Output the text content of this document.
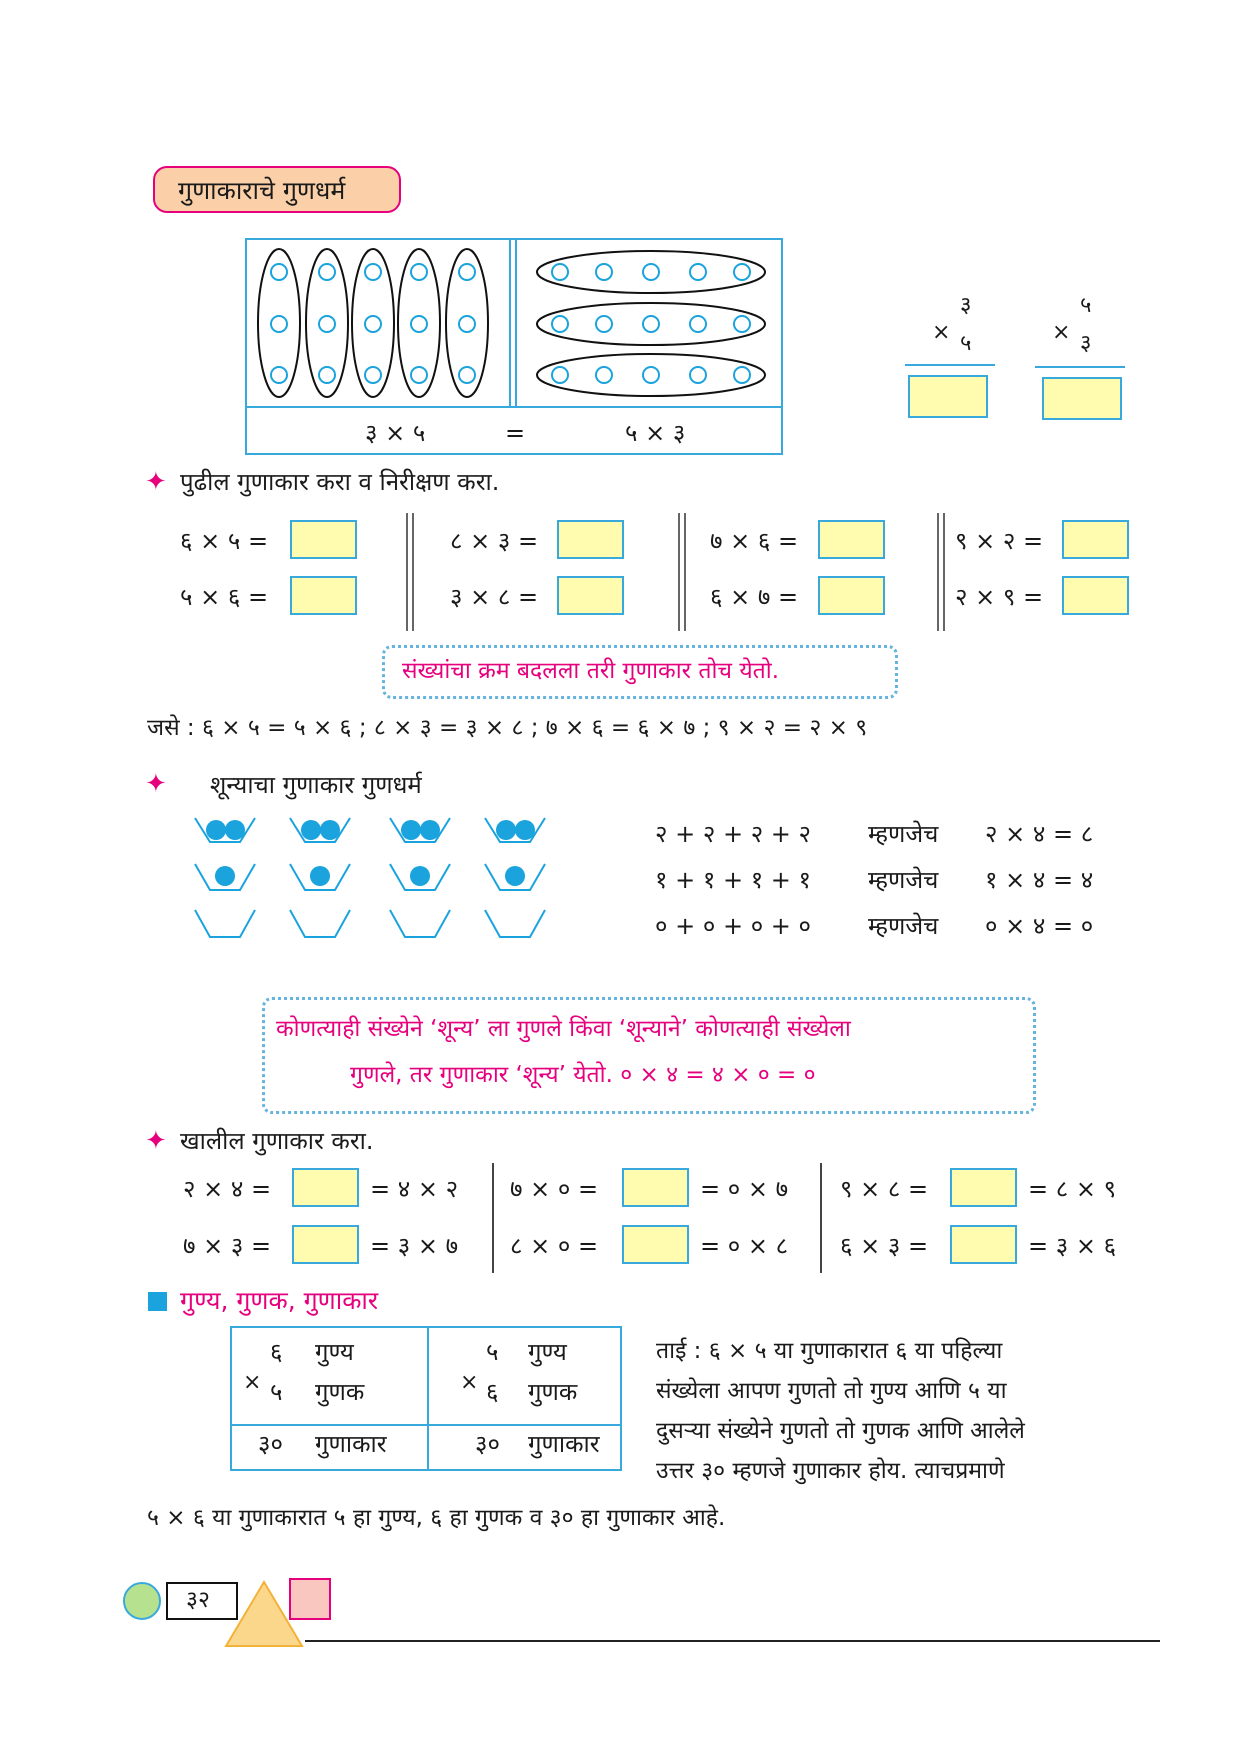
गुणाकाराचे गुणधर्म
३ × ५	=	५ × ३
३
× ५
५
× ३
✦ पुढील गुणाकार करा व निरीक्षण करा.
६ × ५ =
५ × ६ =
८ × ३ =
३ × ८ =
७ × ६ =
६ × ७ =
९ × २ =
२ × ९ =
संख्यांचा क्रम बदलला तरी गुणाकार तोच येतो.
जसे : ६ × ५ = ५ × ६ ; ८ × ३ = ३ × ८ ; ७ × ६ = ६ × ७ ; ९ × २ = २ × ९
✦ शून्याचा गुणाकार गुणधर्म
२ + २ + २ + २ म्हणजेच २ × ४ = ८
१ + १ + १ + १ म्हणजेच १ × ४ = ४
० + ० + ० + ० म्हणजेच ० × ४ = ०
कोणत्याही संख्येने ‘शून्य’ ला गुणले किंवा ‘शून्याने’ कोणत्याही संख्येला
गुणले, तर गुणाकार ‘शून्य’ येतो. ० × ४ = ४ × ० = ०
✦ खालील गुणाकार करा.
२ × ४ =	= ४ × २
७ × ३ =	= ३ × ७
७ × ० =	= ० × ७
८ × ० =	= ० × ८
९ × ८ =	= ८ × ९
६ × ३ =	= ३ × ६
गुण्य, गुणक, गुणाकार
६ गुण्य
× ५ गुणक
३० गुणाकार
५ गुण्य
× ६ गुणक
३० गुणाकार
ताई : ६ × ५ या गुणाकारात ६ या पहिल्या
संख्येला आपण गुणतो तो गुण्य आणि ५ या
दुसऱ्या संख्येने गुणतो तो गुणक आणि आलेले
उत्तर ३० म्हणजे गुणाकार होय. त्याचप्रमाणे
५ × ६ या गुणाकारात ५ हा गुण्य, ६ हा गुणक व ३० हा गुणाकार आहे.
३२
